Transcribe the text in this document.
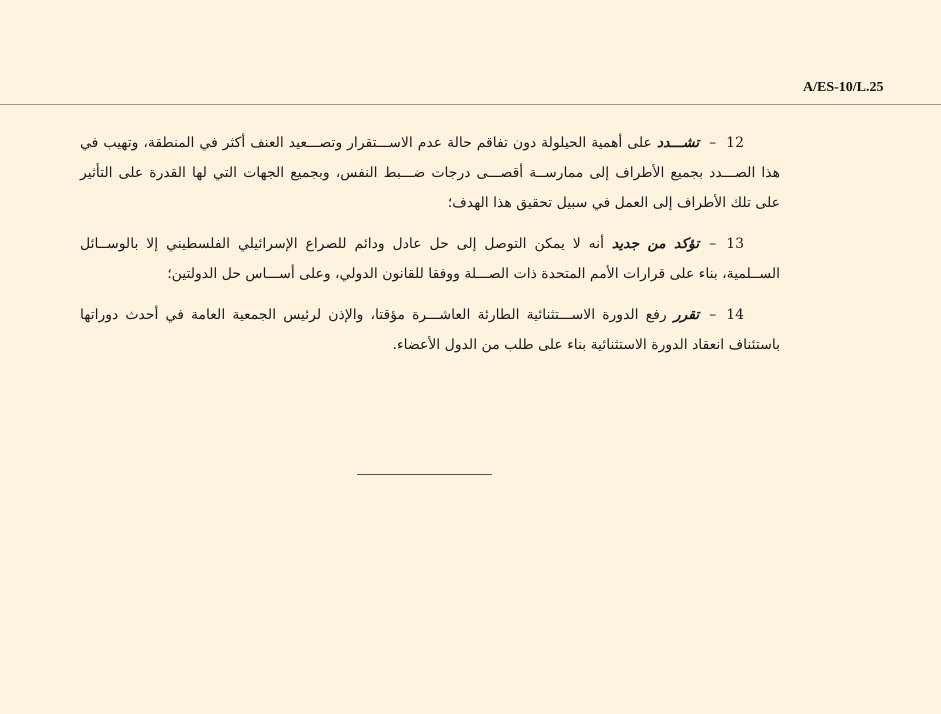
A/ES-10/L.25

12–تشـــدد على أهمية الحيلولة دون تفاقم حالة عدم الاســـتقرار وتصـــعيد العنف أكثر في المنطقة، وتهيب في هذا الصـــدد بجميع الأطراف إلى ممارســة أقصـــى درجات ضـــبط النفس، وبجميع الجهات التي لها القدرة على التأثير على تلك الأطراف إلى العمل في سبيل تحقيق هذا الهدف؛

13–تؤكد من جديد أنه لا يمكن التوصل إلى حل عادل ودائم للصراع الإسرائيلي الفلسطيني إلا بالوســائل الســلمية، بناء على قرارات الأمم المتحدة ذات الصـــلة ووفقا للقانون الدولي، وعلى أســـاس حل الدولتين؛

14–تقرر رفع الدورة الاســـتثنائية الطارئة العاشـــرة مؤقتا، والإذن لرئيس الجمعية العامة في أحدث دوراتها باستئناف انعقاد الدورة الاستثنائية بناء على طلب من الدول الأعضاء.
